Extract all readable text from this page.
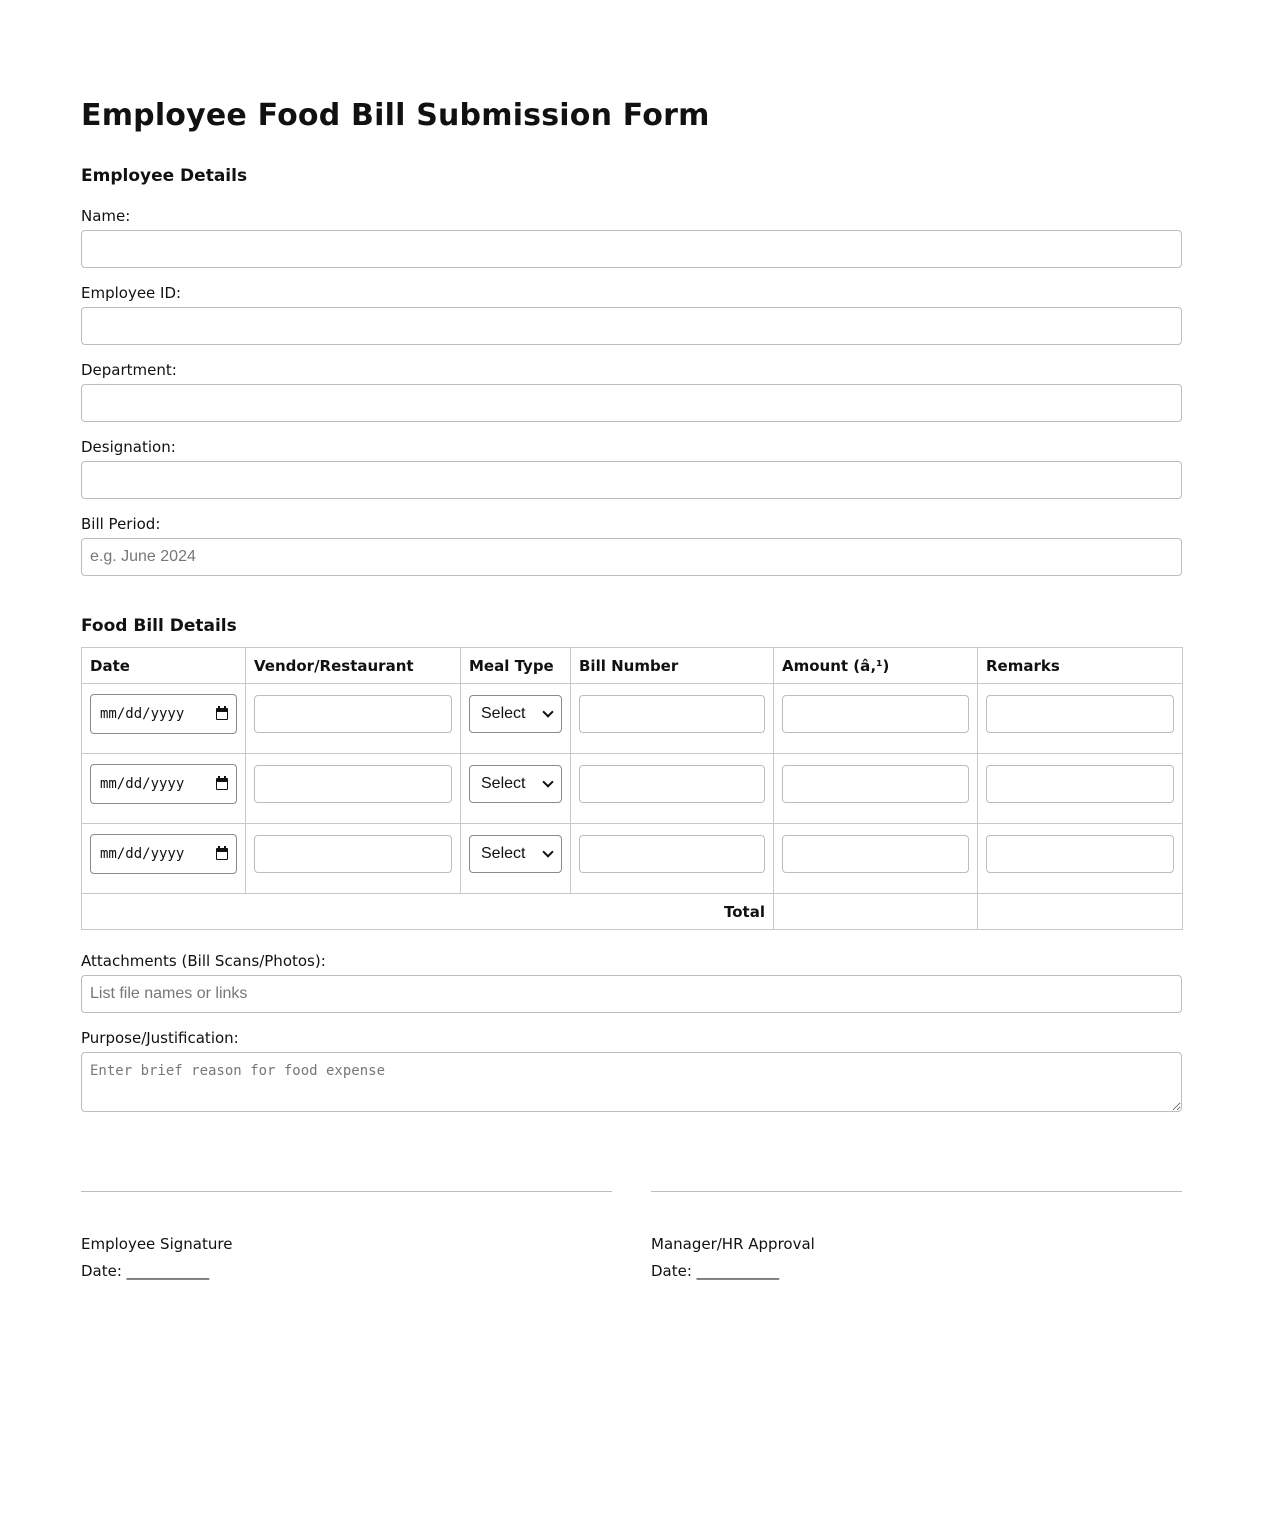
Employee Food Bill Submission Form
Employee Details
Name:
Employee ID:
Department:
Designation:
Bill Period:
e.g. June 2024
Food Bill Details
Date	Vendor/Restaurant	Meal Type	Bill Number	Amount (â‚¹)	Remarks

mm/dd/yyyy		Select

mm/dd/yyyy		Select

mm/dd/yyyy		Select

Total					
Attachments (Bill Scans/Photos):
List file names or links
Purpose/Justification:
Enter brief reason for food expense
Employee Signature
Date: ___________
Manager/HR Approval
Date: ___________
